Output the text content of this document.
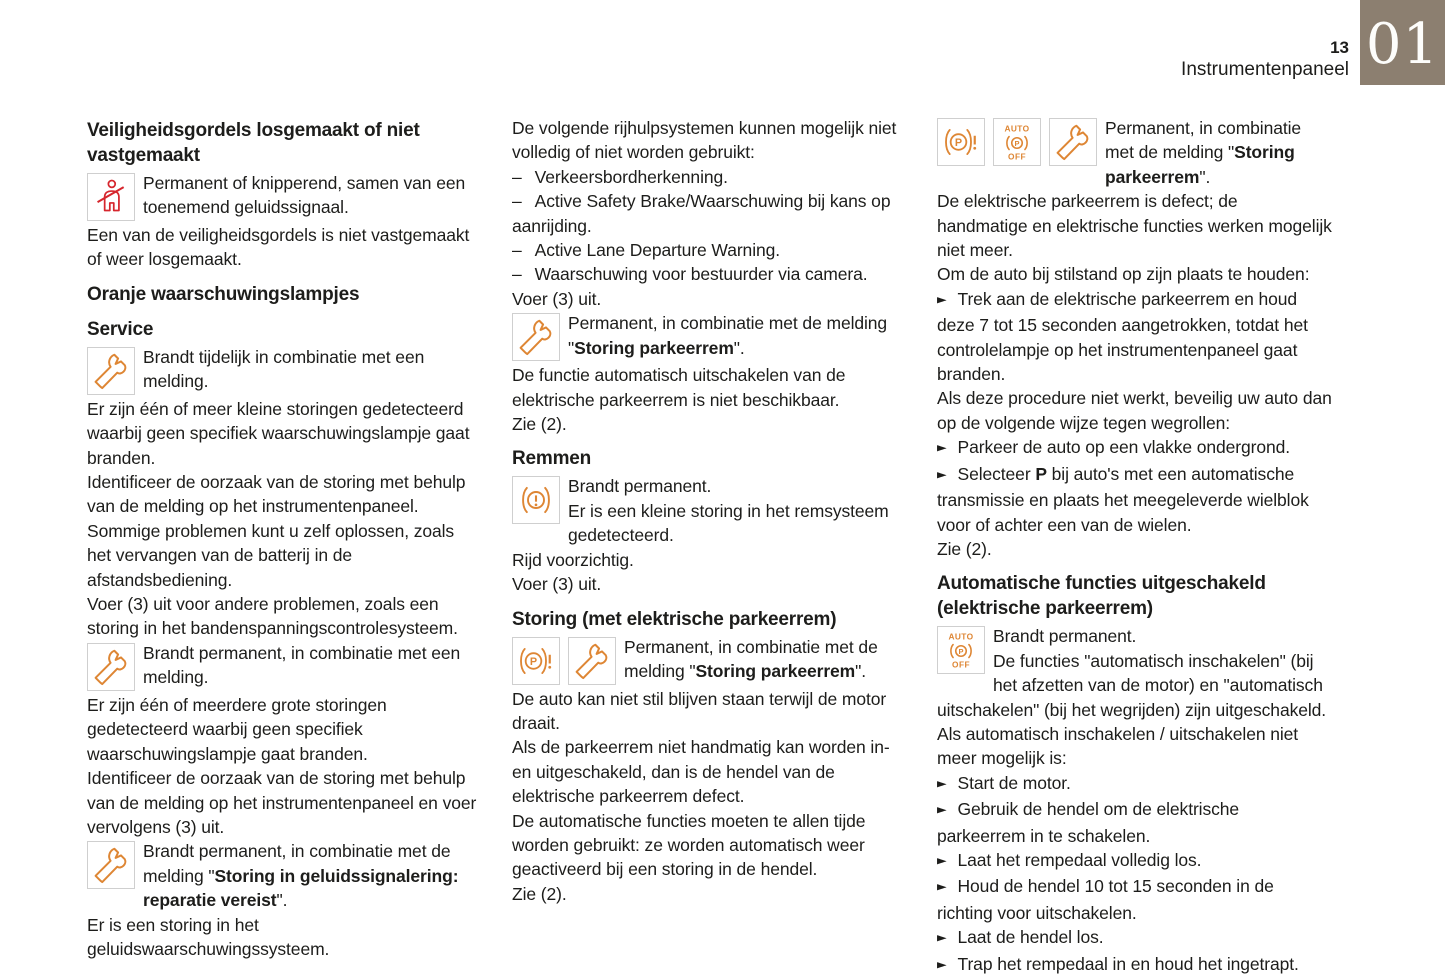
13
Instrumentenpaneel 01
Veiligheidsgordels losgemaakt of niet vastgemaakt

Permanent of knipperend, samen van een toenemend geluidssignaal.

Een van de veiligheidsgordels is niet vastgemaakt of weer losgemaakt.

Oranje waarschuwingslampjes
Service

Brandt tijdelijk in combinatie met een melding.

Er zijn één of meer kleine storingen gedetecteerd waarbij geen specifiek waarschuwingslampje gaat branden.

Identificeer de oorzaak van de storing met behulp van de melding op het instrumentenpaneel.

Sommige problemen kunt u zelf oplossen, zoals het vervangen van de batterij in de afstandsbediening.

Voer (3) uit voor andere problemen, zoals een storing in het bandenspanningscontrolesysteem.

Brandt permanent, in combinatie met een melding.

Er zijn één of meerdere grote storingen gedetecteerd waarbij geen specifiek waarschuwingslampje gaat branden.

Identificeer de oorzaak van de storing met behulp van de melding op het instrumentenpaneel en voer vervolgens (3) uit.

Brandt permanent, in combinatie met de melding "Storing in geluidssignalering: reparatie vereist".

Er is een storing in het geluidswaarschuwingssysteem.

De volgende rijhulpsystemen kunnen mogelijk niet volledig of niet worden gebruikt:

– Verkeersbordherkenning.

– Active Safety Brake/Waarschuwing bij kans op aanrijding.

– Active Lane Departure Warning.

– Waarschuwing voor bestuurder via camera.

Voer (3) uit.

Permanent, in combinatie met de melding "Storing parkeerrem".

De functie automatisch uitschakelen van de elektrische parkeerrem is niet beschikbaar.

Zie (2).

Remmen

Brandt permanent.
Er is een kleine storing in het remsysteem gedetecteerd.

Rijd voorzichtig.

Voer (3) uit.

Storing (met elektrische parkeerrem)

P
Permanent, in combinatie met de melding "Storing parkeerrem".

De auto kan niet stil blijven staan terwijl de motor draait.

Als de parkeerrem niet handmatig kan worden in- en uitgeschakeld, dan is de hendel van de elektrische parkeerrem defect.

De automatische functies moeten te allen tijde worden gebruikt: ze worden automatisch weer geactiveerd bij een storing in de hendel.

Zie (2).

P
AUTO
P
OFF
Permanent, in combinatie met de melding "Storing parkeerrem".

De elektrische parkeerrem is defect; de handmatige en elektrische functies werken mogelijk niet meer.

Om de auto bij stilstand op zijn plaats te houden:

► Trek aan de elektrische parkeerrem en houd deze 7 tot 15 seconden aangetrokken, totdat het controlelampje op het instrumentenpaneel gaat branden.

Als deze procedure niet werkt, beveilig uw auto dan op de volgende wijze tegen wegrollen:

► Parkeer de auto op een vlakke ondergrond.

► Selecteer P bij auto's met een automatische transmissie en plaats het meegeleverde wielblok voor of achter een van de wielen.

Zie (2).

Automatische functies uitgeschakeld (elektrische parkeerrem)

AUTO
P
OFF
Brandt permanent.
De functies "automatisch inschakelen" (bij het afzetten van de motor) en "automatisch uitschakelen" (bij het wegrijden) zijn uitgeschakeld.

Als automatisch inschakelen / uitschakelen niet meer mogelijk is:

► Start de motor.

► Gebruik de hendel om de elektrische parkeerrem in te schakelen.

► Laat het rempedaal volledig los.

► Houd de hendel 10 tot 15 seconden in de richting voor uitschakelen.

► Laat de hendel los.

► Trap het rempedaal in en houd het ingetrapt.
